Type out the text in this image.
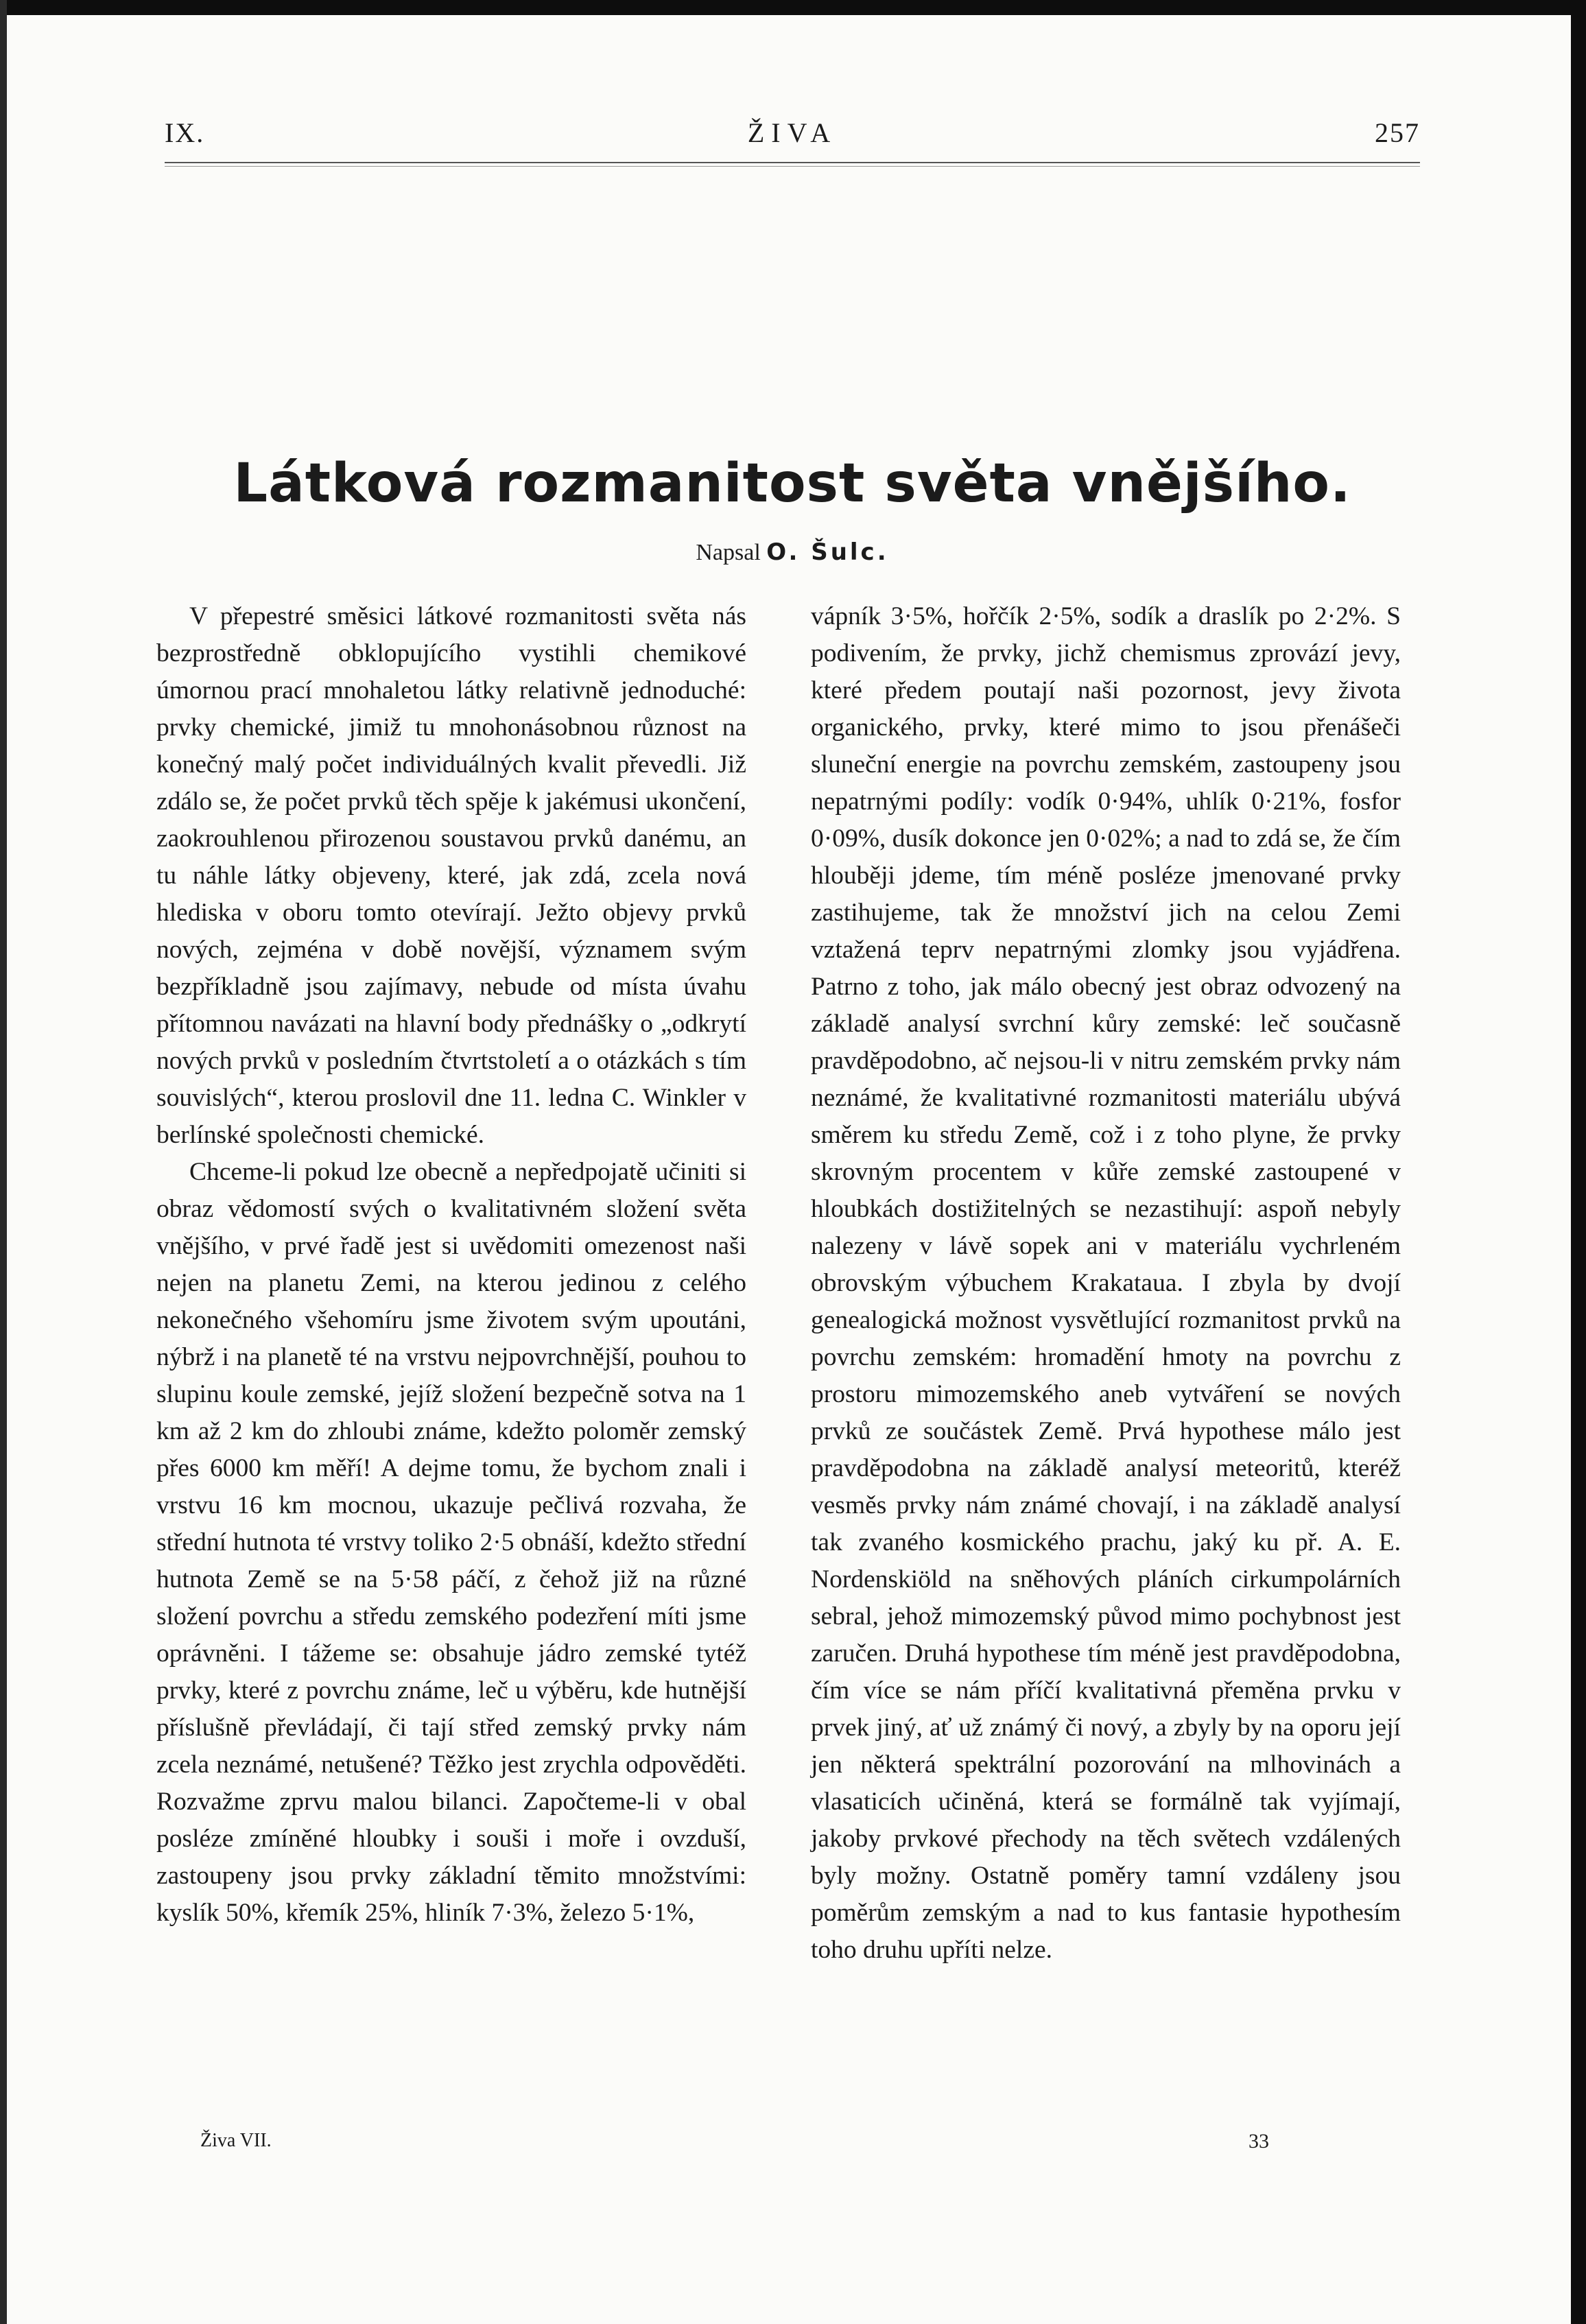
IX.	ŽIVA	257
Látková rozmanitost světa vnějšího.
Napsal O. Šulc.

V přepestré směsici látkové rozmanitosti světa nás bezprostředně obklopujícího vystihli chemikové úmornou prací mnohaletou látky relativně jednoduché: prvky chemické, jimiž tu mnohonásobnou různost na konečný malý počet individuálných kvalit převedli. Již zdálo se, že počet prvků těch spěje k jakémusi ukončení, zaokrouhlenou přirozenou soustavou prvků danému, an tu náhle látky objeveny, které, jak zdá, zcela nová hlediska v oboru tomto otevírají. Ježto objevy prvků nových, zejména v době novější, významem svým bezpříkladně jsou zajímavy, nebude od místa úvahu přítomnou navázati na hlavní body přednášky o „odkrytí nových prvků v posledním čtvrtstoletí a o otázkách s tím souvislých“, kterou proslovil dne 11. ledna C. Winkler v berlínské společnosti chemické.

Chceme-li pokud lze obecně a nepředpojatě učiniti si obraz vědomostí svých o kvalitativném složení světa vnějšího, v prvé řadě jest si uvědomiti omezenost naši nejen na planetu Zemi, na kterou jedinou z celého nekonečného všehomíru jsme životem svým upoutáni, nýbrž i na planetě té na vrstvu nejpovrchnější, pouhou to slupinu koule zemské, jejíž složení bezpečně sotva na 1 km až 2 km do zhloubi známe, kdežto poloměr zemský přes 6000 km měří! A dejme tomu, že bychom znali i vrstvu 16 km mocnou, ukazuje pečlivá rozvaha, že střední hutnota té vrstvy toliko 2·5 obnáší, kdežto střední hutnota Země se na 5·58 páčí, z čehož již na různé složení povrchu a středu zemského podezření míti jsme oprávněni. I tážeme se: obsahuje jádro zemské tytéž prvky, které z povrchu známe, leč u výběru, kde hutnější příslušně převládají, či tají střed zemský prvky nám zcela neznámé, netušené? Těžko jest zrychla odpověděti. Rozvažme zprvu malou bilanci. Započteme-li v obal posléze zmíněné hloubky i souši i moře i ovzduší, zastoupeny jsou prvky základní těmito množstvími: kyslík 50%, křemík 25%, hliník 7·3%, železo 5·1%,

vápník 3·5%, hořčík 2·5%, sodík a draslík po 2·2%. S podivením, že prvky, jichž chemismus zprovází jevy, které předem poutají naši pozornost, jevy života organického, prvky, které mimo to jsou přenášeči sluneční energie na povrchu zemském, zastoupeny jsou nepatrnými podíly: vodík 0·94%, uhlík 0·21%, fosfor 0·09%, dusík dokonce jen 0·02%; a nad to zdá se, že čím hlouběji jdeme, tím méně posléze jmenované prvky zastihujeme, tak že množství jich na celou Zemi vztažená teprv nepatrnými zlomky jsou vyjádřena. Patrno z toho, jak málo obecný jest obraz odvozený na základě analysí svrchní kůry zemské: leč současně pravděpodobno, ač nejsou-li v nitru zemském prvky nám neznámé, že kvalitativné rozmanitosti materiálu ubývá směrem ku středu Země, což i z toho plyne, že prvky skrovným procentem v kůře zemské zastoupené v hloubkách dostižitelných se nezastihují: aspoň nebyly nalezeny v lávě sopek ani v materiálu vychrleném obrovským výbuchem Krakataua. I zbyla by dvojí genealogická možnost vysvětlující rozmanitost prvků na povrchu zemském: hromadění hmoty na povrchu z prostoru mimozemského aneb vytváření se nových prvků ze součástek Země. Prvá hypothese málo jest pravděpodobna na základě analysí meteoritů, kteréž vesměs prvky nám známé chovají, i na základě analysí tak zvaného kosmického prachu, jaký ku př. A. E. Nordenskiöld na sněhových pláních cirkumpolárních sebral, jehož mimozemský původ mimo pochybnost jest zaručen. Druhá hypothese tím méně jest pravděpodobna, čím více se nám příčí kvalitativná přeměna prvku v prvek jiný, ať už známý či nový, a zbyly by na oporu její jen některá spektrální pozorování na mlhovinách a vlasaticích učiněná, která se formálně tak vyjímají, jakoby prvkové přechody na těch světech vzdálených byly možny. Ostatně poměry tamní vzdáleny jsou poměrům zemským a nad to kus fantasie hypothesím toho druhu upříti nelze.

Živa VII.	33
